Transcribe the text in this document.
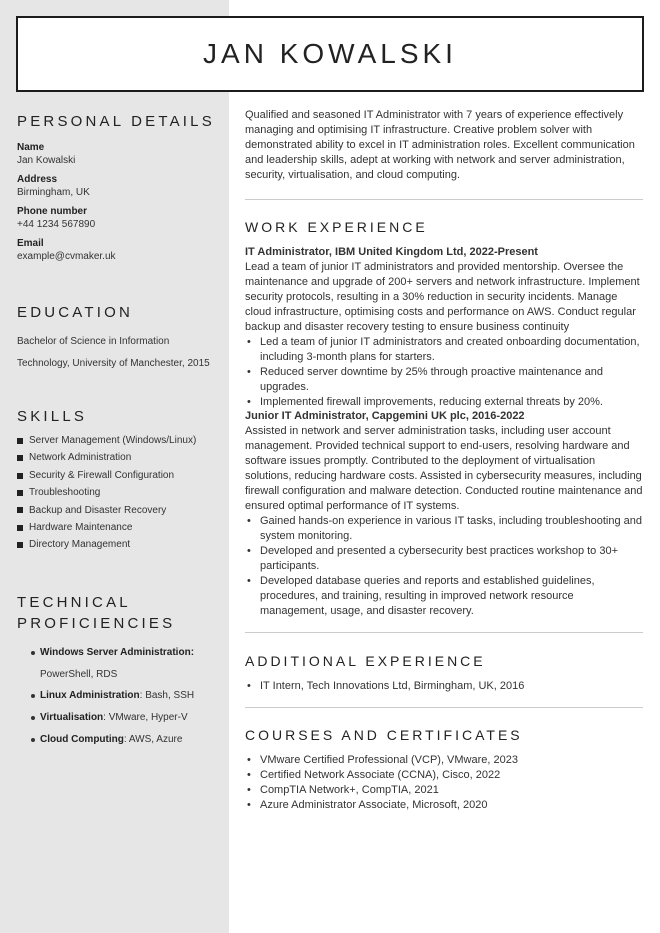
JAN KOWALSKI
PERSONAL DETAILS
Name
Jan Kowalski
Address
Birmingham, UK
Phone number
+44 1234 567890
Email
example@cvmaker.uk
EDUCATION
Bachelor of Science in Information
Technology, University of Manchester, 2015
SKILLS
Server Management (Windows/Linux)
Network Administration
Security & Firewall Configuration
Troubleshooting
Backup and Disaster Recovery
Hardware Maintenance
Directory Management
TECHNICAL
PROFICIENCIES
Windows Server Administration:
PowerShell, RDS
Linux Administration: Bash, SSH
Virtualisation: VMware, Hyper-V
Cloud Computing: AWS, Azure
Qualified and seasoned IT Administrator with 7 years of experience effectively managing and optimising IT infrastructure. Creative problem solver with demonstrated ability to excel in IT administration roles. Excellent communication and leadership skills, adept at working with network and server administration, security, virtualisation, and cloud computing.
WORK EXPERIENCE
IT Administrator, IBM United Kingdom Ltd, 2022-Present
Lead a team of junior IT administrators and provided mentorship. Oversee the maintenance and upgrade of 200+ servers and network infrastructure. Implement security protocols, resulting in a 30% reduction in security incidents. Manage cloud infrastructure, optimising costs and performance on AWS. Conduct regular backup and disaster recovery testing to ensure business continuity
• Led a team of junior IT administrators and created onboarding documentation, including 3-month plans for starters.
• Reduced server downtime by 25% through proactive maintenance and upgrades.
• Implemented firewall improvements, reducing external threats by 20%.
Junior IT Administrator, Capgemini UK plc, 2016-2022
Assisted in network and server administration tasks, including user account management. Provided technical support to end-users, resolving hardware and software issues promptly. Contributed to the deployment of virtualisation solutions, reducing hardware costs. Assisted in cybersecurity measures, including firewall configuration and malware detection. Conducted routine maintenance and ensured optimal performance of IT systems.
• Gained hands-on experience in various IT tasks, including troubleshooting and system monitoring.
• Developed and presented a cybersecurity best practices workshop to 30+ participants.
• Developed database queries and reports and established guidelines, procedures, and training, resulting in improved network resource management, usage, and disaster recovery.
ADDITIONAL EXPERIENCE
• IT Intern, Tech Innovations Ltd, Birmingham, UK, 2016
COURSES AND CERTIFICATES
• VMware Certified Professional (VCP), VMware, 2023
• Certified Network Associate (CCNA), Cisco, 2022
• CompTIA Network+, CompTIA, 2021
• Azure Administrator Associate, Microsoft, 2020
